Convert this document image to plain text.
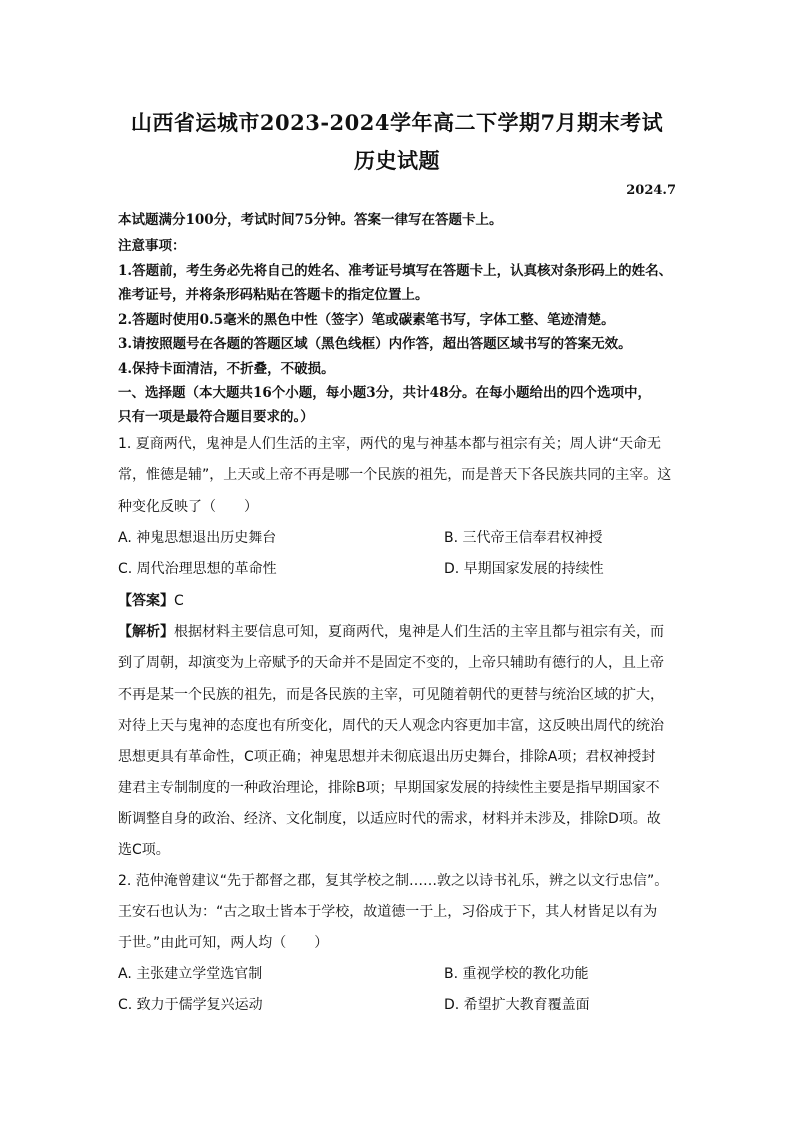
山西省运城市2023-2024学年高二下学期7月期末考试
历史试题
2024.7
本试题满分100分，考试时间75分钟。答案一律写在答题卡上。
注意事项：
1.答题前，考生务必先将自己的姓名、准考证号填写在答题卡上，认真核对条形码上的姓名、
准考证号，并将条形码粘贴在答题卡的指定位置上。
2.答题时使用0.5毫米的黑色中性（签字）笔或碳素笔书写，字体工整、笔迹清楚。
3.请按照题号在各题的答题区域（黑色线框）内作答，超出答题区域书写的答案无效。
4.保持卡面清洁，不折叠，不破损。
一、选择题（本大题共16个小题，每小题3分，共计48分。在每小题给出的四个选项中，
只有一项是最符合题目要求的。）
1. 夏商两代，鬼神是人们生活的主宰，两代的鬼与神基本都与祖宗有关；周人讲“天命无
常，惟德是辅”，上天或上帝不再是哪一个民族的祖先，而是普天下各民族共同的主宰。这
种变化反映了（　　）
A. 神鬼思想退出历史舞台	B. 三代帝王信奉君权神授
C. 周代治理思想的革命性	D. 早期国家发展的持续性
【答案】C
【解析】根据材料主要信息可知，夏商两代，鬼神是人们生活的主宰且都与祖宗有关，而
到了周朝，却演变为上帝赋予的天命并不是固定不变的，上帝只辅助有德行的人，且上帝
不再是某一个民族的祖先，而是各民族的主宰，可见随着朝代的更替与统治区域的扩大，
对待上天与鬼神的态度也有所变化，周代的天人观念内容更加丰富，这反映出周代的统治
思想更具有革命性，C项正确；神鬼思想并未彻底退出历史舞台，排除A项；君权神授封
建君主专制制度的一种政治理论，排除B项；早期国家发展的持续性主要是指早期国家不
断调整自身的政治、经济、文化制度，以适应时代的需求，材料并未涉及，排除D项。故
选C项。
2. 范仲淹曾建议“先于都督之郡，复其学校之制……敦之以诗书礼乐，辨之以文行忠信”。
王安石也认为：“古之取士皆本于学校，故道德一于上，习俗成于下，其人材皆足以有为
于世。”由此可知，两人均（　　）
A. 主张建立学堂选官制	B. 重视学校的教化功能
C. 致力于儒学复兴运动	D. 希望扩大教育覆盖面
